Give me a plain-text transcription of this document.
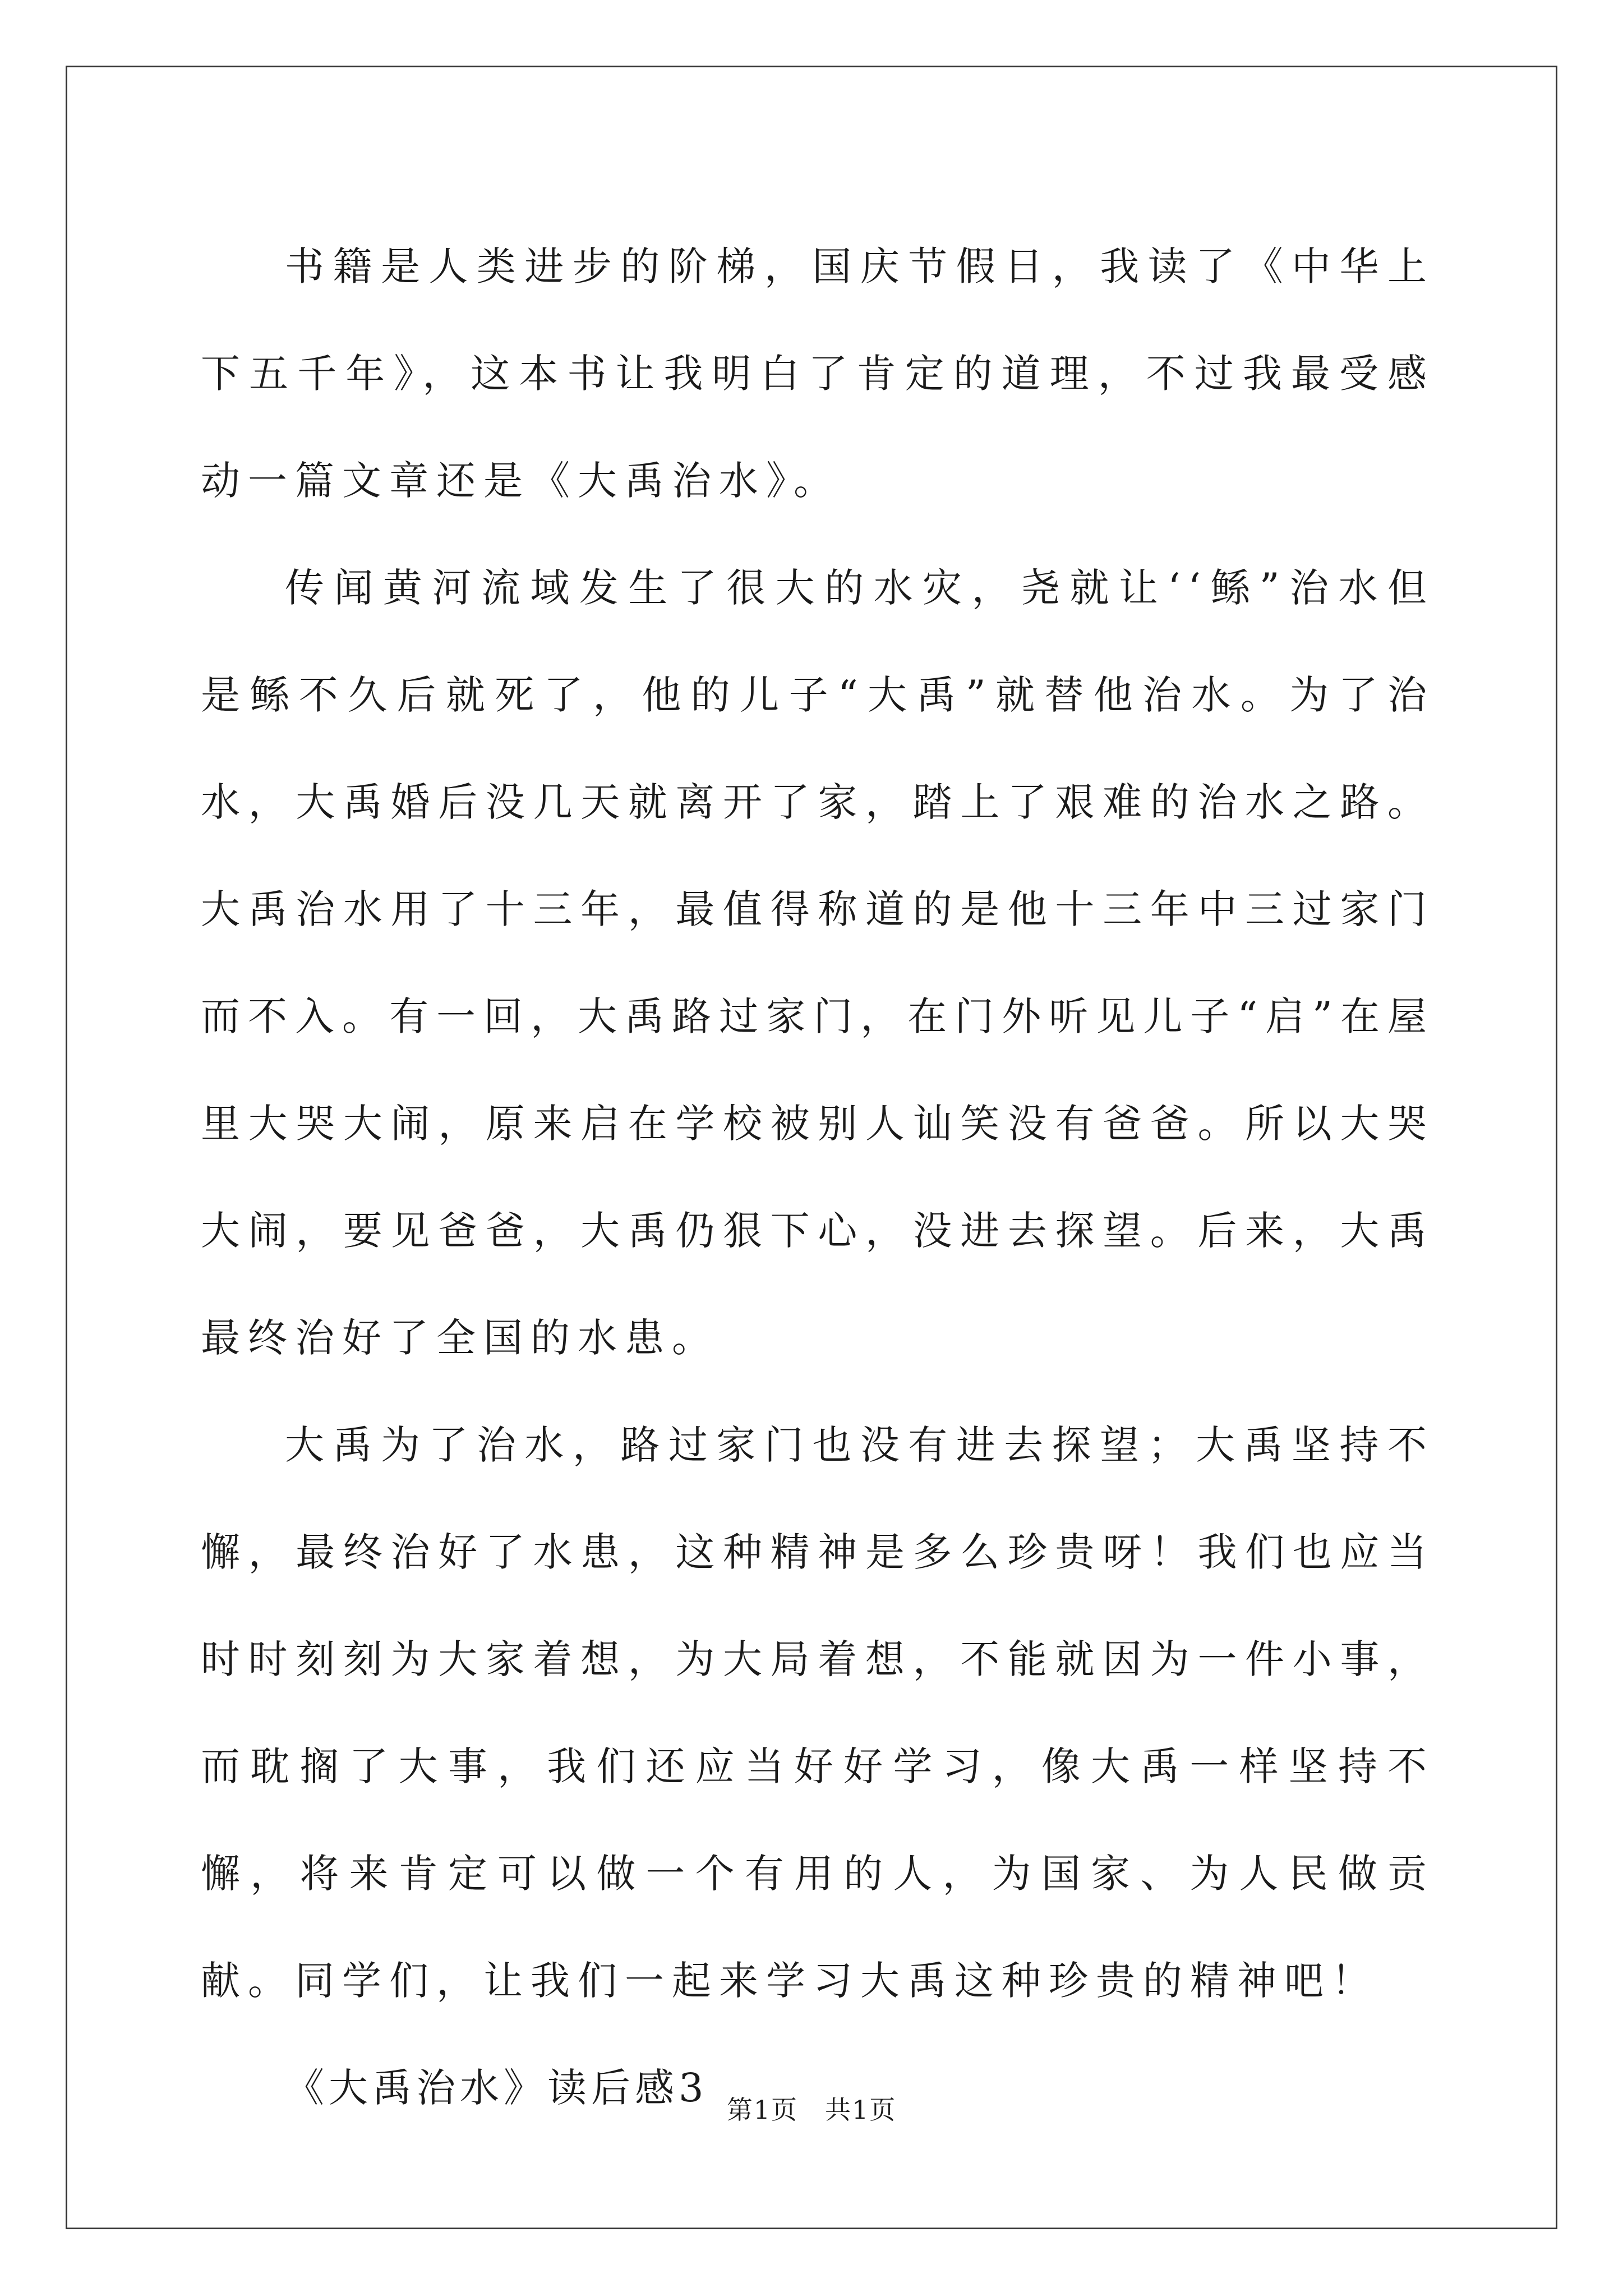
书籍是人类进步的阶梯，国庆节假日，我读了《中华上下五千年》，这本书让我明白了肯定的道理，不过我最受感动一篇文章还是《大禹治水》。

传闻黄河流域发生了很大的水灾，尧就让‘‘鲧”治水但是鲧不久后就死了，他的儿子“大禹”就替他治水。为了治水，大禹婚后没几天就离开了家，踏上了艰难的治水之路。大禹治水用了十三年，最值得称道的是他十三年中三过家门而不入。有一回，大禹路过家门，在门外听见儿子“启”在屋里大哭大闹，原来启在学校被别人讪笑没有爸爸。所以大哭大闹，要见爸爸，大禹仍狠下心，没进去探望。后来，大禹最终治好了全国的水患。

大禹为了治水，路过家门也没有进去探望；大禹坚持不懈，最终治好了水患，这种精神是多么珍贵呀！我们也应当时时刻刻为大家着想，为大局着想，不能就因为一件小事，而耽搁了大事，我们还应当好好学习，像大禹一样坚持不懈，将来肯定可以做一个有用的人，为国家、为人民做贡献。同学们，让我们一起来学习大禹这种珍贵的精神吧！

《大禹治水》读后感3 第1页　共1页
